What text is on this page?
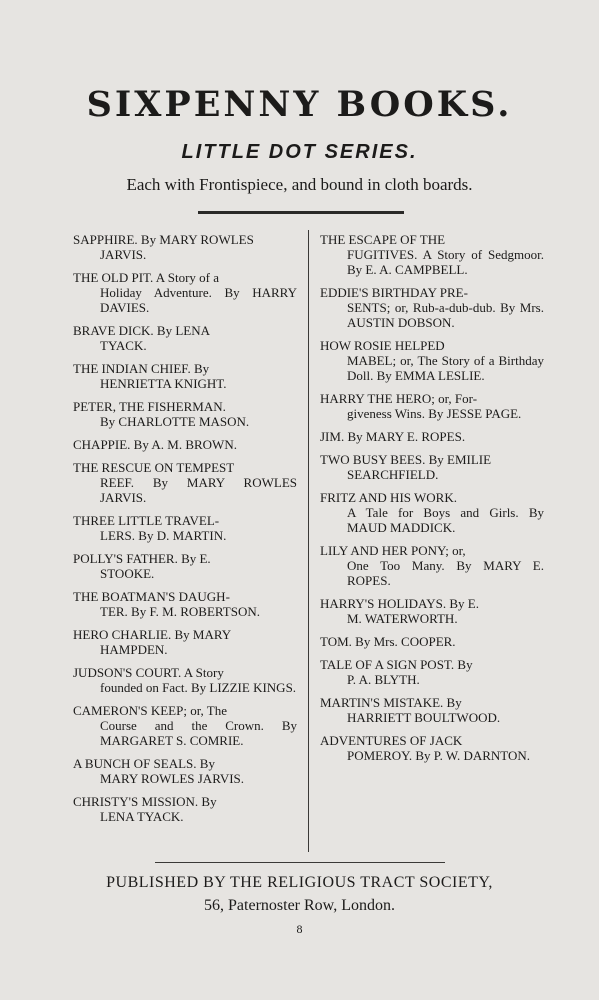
SIXPENNY BOOKS.
LITTLE DOT SERIES.
Each with Frontispiece, and bound in cloth boards.
SAPPHIRE. By MARY ROWLES
JARVIS.
THE OLD PIT. A Story of a
Holiday Adventure. By HARRY DAVIES.
BRAVE DICK. By LENA
TYACK.
THE INDIAN CHIEF. By
HENRIETTA KNIGHT.
PETER, THE FISHERMAN.
By CHARLOTTE MASON.
CHAPPIE. By A. M. BROWN.
THE RESCUE ON TEMPEST
REEF. By MARY ROWLES JARVIS.
THREE LITTLE TRAVEL-
LERS. By D. MARTIN.
POLLY'S FATHER. By E.
STOOKE.
THE BOATMAN'S DAUGH-
TER. By F. M. ROBERTSON.
HERO CHARLIE. By MARY
HAMPDEN.
JUDSON'S COURT. A Story
founded on Fact. By LIZZIE KINGS.
CAMERON'S KEEP; or, The
Course and the Crown. By MARGARET S. COMRIE.
A BUNCH OF SEALS. By
MARY ROWLES JARVIS.
CHRISTY'S MISSION. By
LENA TYACK.
THE ESCAPE OF THE
FUGITIVES. A Story of Sedgmoor. By E. A. CAMPBELL.
EDDIE'S BIRTHDAY PRE-
SENTS; or, Rub-a-dub-dub. By Mrs. AUSTIN DOBSON.
HOW ROSIE HELPED
MABEL; or, The Story of a Birthday Doll. By EMMA LESLIE.
HARRY THE HERO; or, For-
giveness Wins. By JESSE PAGE.
JIM. By MARY E. ROPES.
TWO BUSY BEES. By EMILIE
SEARCHFIELD.
FRITZ AND HIS WORK.
A Tale for Boys and Girls. By MAUD MADDICK.
LILY AND HER PONY; or,
One Too Many. By MARY E. ROPES.
HARRY'S HOLIDAYS. By E.
M. WATERWORTH.
TOM. By Mrs. COOPER.
TALE OF A SIGN POST. By
P. A. BLYTH.
MARTIN'S MISTAKE. By
HARRIETT BOULTWOOD.
ADVENTURES OF JACK
POMEROY. By P. W. DARNTON.
PUBLISHED BY THE RELIGIOUS TRACT SOCIETY,
56, Paternoster Row, London.
8
